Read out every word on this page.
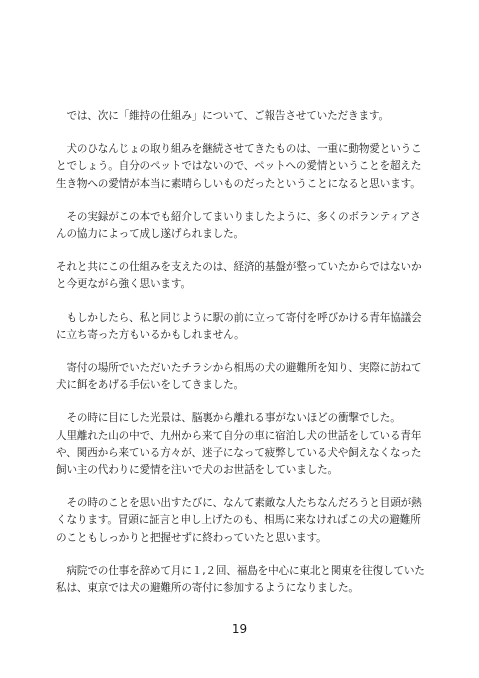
　では、次に「維持の仕組み」について、ご報告させていただきます。

　犬のひなんじょの取り組みを継続させてきたものは、一重に動物愛というこ
とでしょう。自分のペットではないので、ペットへの愛情ということを超えた
生き物への愛情が本当に素晴らしいものだったということになると思います。

　その実録がこの本でも紹介してまいりましたように、多くのボランティアさ
んの協力によって成し遂げられました。

それと共にこの仕組みを支えたのは、経済的基盤が整っていたからではないか
と今更ながら強く思います。

　もしかしたら、私と同じように駅の前に立って寄付を呼びかける青年協議会
に立ち寄った方もいるかもしれません。

　寄付の場所でいただいたチラシから相馬の犬の避難所を知り、実際に訪ねて
犬に餌をあげる手伝いをしてきました。

　その時に目にした光景は、脳裏から離れる事がないほどの衝撃でした。
人里離れた山の中で、九州から来て自分の車に宿泊し犬の世話をしている青年
や、関西から来ている方々が、迷子になって疲弊している犬や飼えなくなった
飼い主の代わりに愛情を注いで犬のお世話をしていました。

　その時のことを思い出すたびに、なんて素敵な人たちなんだろうと目頭が熱
くなります。冒頭に証言と申し上げたのも、相馬に来なければこの犬の避難所
のこともしっかりと把握せずに終わっていたと思います。

　病院での仕事を辞めて月に１,２回、福島を中心に東北と関東を往復していた
私は、東京では犬の避難所の寄付に参加するようになりました。

19
